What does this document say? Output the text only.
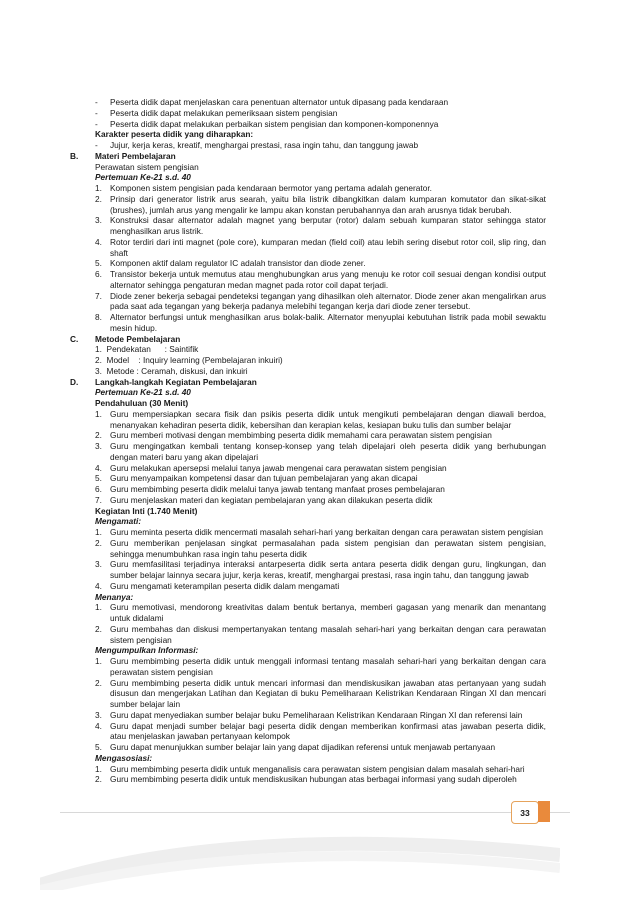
-	Peserta didik dapat menjelaskan cara penentuan alternator untuk dipasang pada kendaraan
-	Peserta didik dapat melakukan pemeriksaan sistem pengisian
-	Peserta didik dapat melakukan perbaikan sistem pengisian dan komponen-komponennya
Karakter peserta didik yang diharapkan:
-	Jujur, kerja keras, kreatif, menghargai prestasi, rasa ingin tahu, dan tanggung jawab
B.	Materi Pembelajaran
Perawatan sistem pengisian
Pertemuan Ke-21 s.d. 40
1. Komponen sistem pengisian pada kendaraan bermotor yang pertama adalah generator.
2. Prinsip dari generator listrik arus searah, yaitu bila listrik dibangkitkan dalam kumparan komutator dan sikat-sikat (brushes), jumlah arus yang mengalir ke lampu akan konstan perubahannya dan arah arusnya tidak berubah.
3. Konstruksi dasar alternator adalah magnet yang berputar (rotor) dalam sebuah kumparan stator sehingga stator menghasilkan arus listrik.
4. Rotor terdiri dari inti magnet (pole core), kumparan medan (field coil) atau lebih sering disebut rotor coil, slip ring, dan shaft
5. Komponen aktif dalam regulator IC adalah transistor dan diode zener.
6. Transistor bekerja untuk memutus atau menghubungkan arus yang menuju ke rotor coil sesuai dengan kondisi output alternator sehingga pengaturan medan magnet pada rotor coil dapat terjadi.
7. Diode zener bekerja sebagai pendeteksi tegangan yang dihasilkan oleh alternator. Diode zener akan mengalirkan arus pada saat ada tegangan yang bekerja padanya melebihi tegangan kerja dari diode zener tersebut.
8. Alternator berfungsi untuk menghasilkan arus bolak-balik. Alternator menyuplai kebutuhan listrik pada mobil sewaktu mesin hidup.
C.	Metode Pembelajaran
1.  Pendekatan      : Saintifik
2.  Model    : Inquiry learning (Pembelajaran inkuiri)
3.  Metode : Ceramah, diskusi, dan inkuiri
D.	Langkah-langkah Kegiatan Pembelajaran
Pertemuan Ke-21 s.d. 40
Pendahuluan (30 Menit)
1. Guru mempersiapkan secara fisik dan psikis peserta didik untuk mengikuti pembelajaran dengan diawali berdoa, menanyakan kehadiran peserta didik, kebersihan dan kerapian kelas, kesiapan buku tulis dan sumber belajar
2. Guru memberi motivasi dengan membimbing peserta didik memahami cara perawatan sistem pengisian
3. Guru mengingatkan kembali tentang konsep-konsep yang telah dipelajari oleh peserta didik yang berhubungan dengan materi baru yang akan dipelajari
4. Guru melakukan apersepsi melalui tanya jawab mengenai cara perawatan sistem pengisian
5. Guru menyampaikan kompetensi dasar dan tujuan pembelajaran yang akan dicapai
6. Guru membimbing peserta didik melalui tanya jawab tentang manfaat proses pembelajaran
7. Guru menjelaskan materi dan kegiatan pembelajaran yang akan dilakukan peserta didik
Kegiatan Inti (1.740 Menit)
Mengamati:
1. Guru meminta peserta didik mencermati masalah sehari-hari yang berkaitan dengan cara perawatan sistem pengisian
2. Guru memberikan penjelasan singkat permasalahan pada sistem pengisian dan perawatan sistem pengisian, sehingga menumbuhkan rasa ingin tahu peserta didik
3. Guru memfasilitasi terjadinya interaksi antarpeserta didik serta antara peserta didik dengan guru, lingkungan, dan sumber belajar lainnya secara jujur, kerja keras, kreatif, menghargai prestasi, rasa ingin tahu, dan tanggung jawab
4. Guru mengamati keterampilan peserta didik dalam mengamati
Menanya:
1. Guru memotivasi, mendorong kreativitas dalam bentuk bertanya, memberi gagasan yang menarik dan menantang untuk didalami
2. Guru membahas dan diskusi mempertanyakan tentang masalah sehari-hari yang berkaitan dengan cara perawatan sistem pengisian
Mengumpulkan Informasi:
1. Guru membimbing peserta didik untuk menggali informasi tentang masalah sehari-hari yang berkaitan dengan cara perawatan sistem pengisian
2. Guru membimbing peserta didik untuk mencari informasi dan mendiskusikan jawaban atas pertanyaan yang sudah disusun dan mengerjakan Latihan dan Kegiatan di buku Pemeliharaan Kelistrikan Kendaraan Ringan XI dan mencari sumber belajar lain
3. Guru dapat menyediakan sumber belajar buku Pemeliharaan Kelistrikan Kendaraan Ringan XI dan referensi lain
4. Guru dapat menjadi sumber belajar bagi peserta didik dengan memberikan konfirmasi atas jawaban peserta didik, atau menjelaskan jawaban pertanyaan kelompok
5. Guru dapat menunjukkan sumber belajar lain yang dapat dijadikan referensi untuk menjawab pertanyaan
Mengasosiasi:
1. Guru membimbing peserta didik untuk menganalisis cara perawatan sistem pengisian dalam masalah sehari-hari
2. Guru membimbing peserta didik untuk mendiskusikan hubungan atas berbagai informasi yang sudah diperoleh
33
